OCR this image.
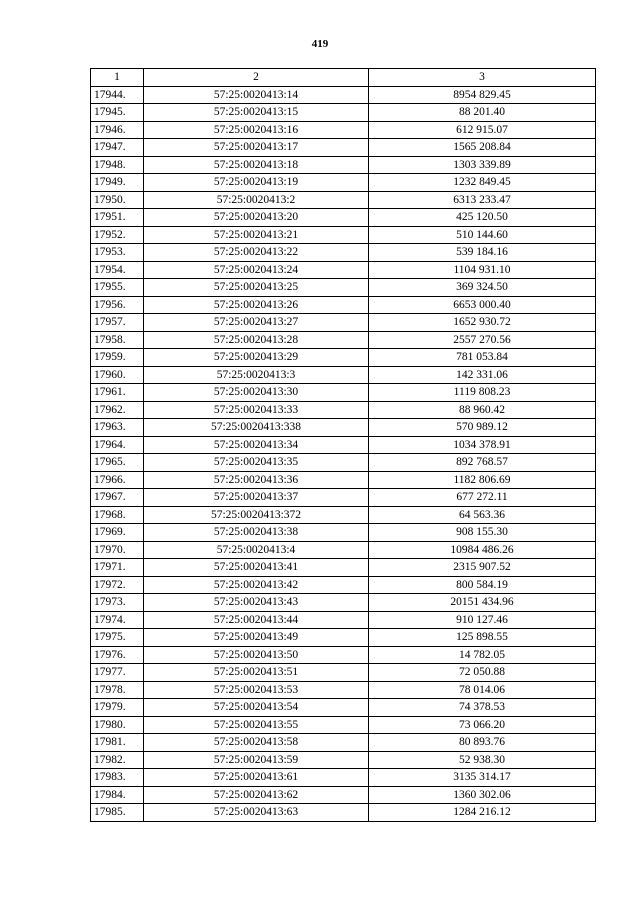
419
1	2	3
17944.	57:25:0020413:14	8954 829.45
17945.	57:25:0020413:15	88 201.40
17946.	57:25:0020413:16	612 915.07
17947.	57:25:0020413:17	1565 208.84
17948.	57:25:0020413:18	1303 339.89
17949.	57:25:0020413:19	1232 849.45
17950.	57:25:0020413:2	6313 233.47
17951.	57:25:0020413:20	425 120.50
17952.	57:25:0020413:21	510 144.60
17953.	57:25:0020413:22	539 184.16
17954.	57:25:0020413:24	1104 931.10
17955.	57:25:0020413:25	369 324.50
17956.	57:25:0020413:26	6653 000.40
17957.	57:25:0020413:27	1652 930.72
17958.	57:25:0020413:28	2557 270.56
17959.	57:25:0020413:29	781 053.84
17960.	57:25:0020413:3	142 331.06
17961.	57:25:0020413:30	1119 808.23
17962.	57:25:0020413:33	88 960.42
17963.	57:25:0020413:338	570 989.12
17964.	57:25:0020413:34	1034 378.91
17965.	57:25:0020413:35	892 768.57
17966.	57:25:0020413:36	1182 806.69
17967.	57:25:0020413:37	677 272.11
17968.	57:25:0020413:372	64 563.36
17969.	57:25:0020413:38	908 155.30
17970.	57:25:0020413:4	10984 486.26
17971.	57:25:0020413:41	2315 907.52
17972.	57:25:0020413:42	800 584.19
17973.	57:25:0020413:43	20151 434.96
17974.	57:25:0020413:44	910 127.46
17975.	57:25:0020413:49	125 898.55
17976.	57:25:0020413:50	14 782.05
17977.	57:25:0020413:51	72 050.88
17978.	57:25:0020413:53	78 014.06
17979.	57:25:0020413:54	74 378.53
17980.	57:25:0020413:55	73 066.20
17981.	57:25:0020413:58	80 893.76
17982.	57:25:0020413:59	52 938.30
17983.	57:25:0020413:61	3135 314.17
17984.	57:25:0020413:62	1360 302.06
17985.	57:25:0020413:63	1284 216.12
